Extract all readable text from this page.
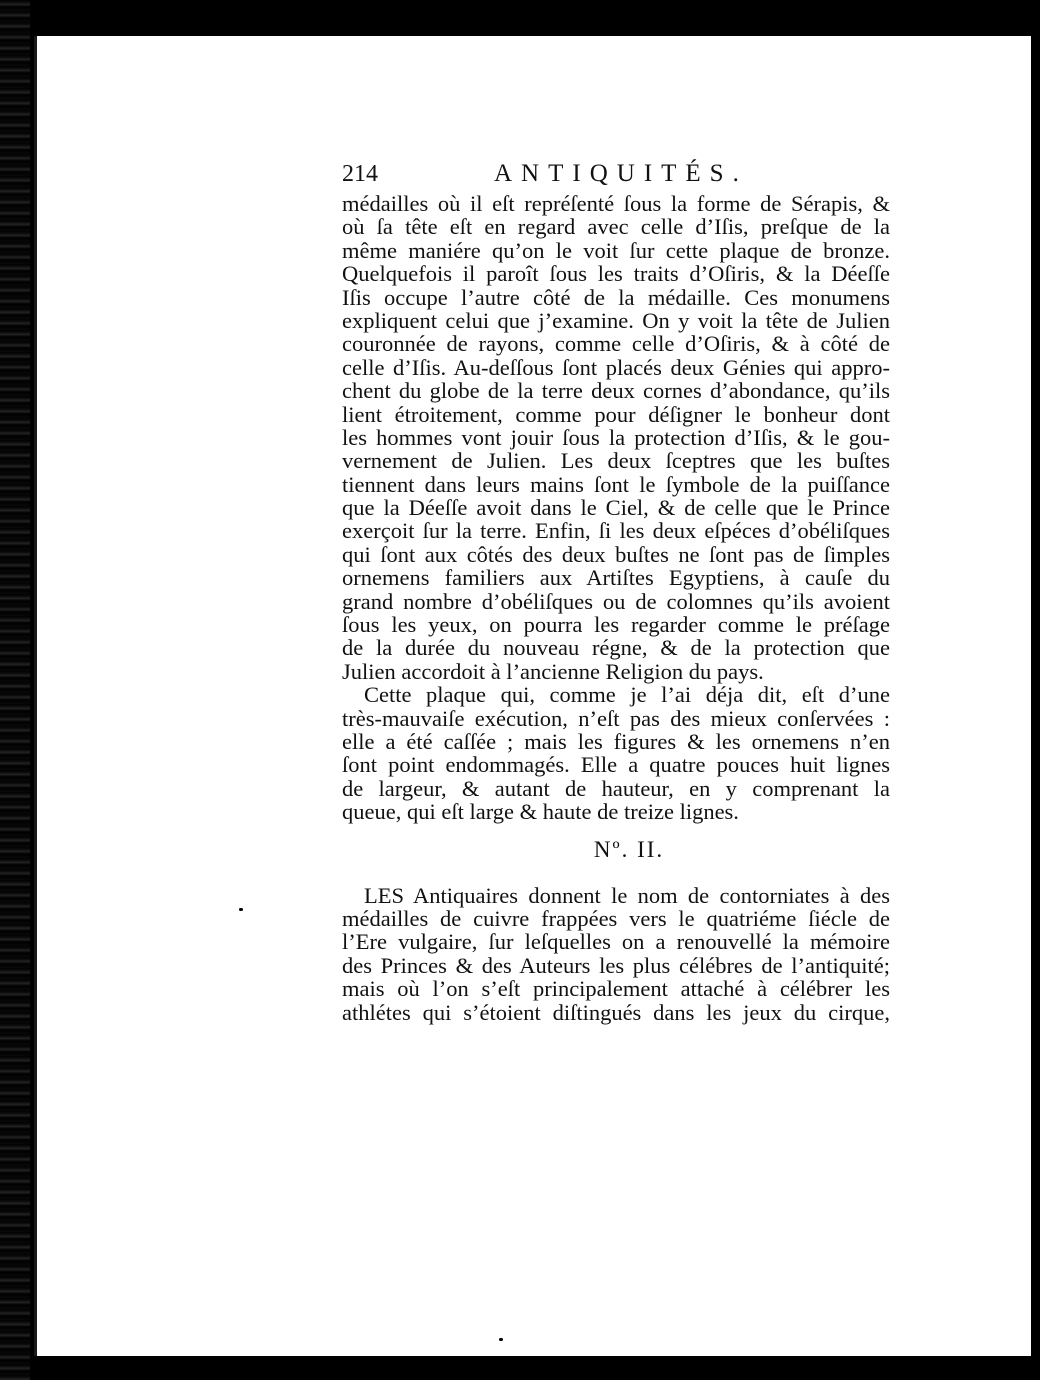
214	ANTIQUITÉS.
médailles où il eſt repréſenté ſous la forme de Sérapis, &
où ſa tête eſt en regard avec celle d’Iſis, preſque de la
même maniére qu’on le voit ſur cette plaque de bronze.
Quelquefois il paroît ſous les traits d’Oſiris, & la Déeſſe
Iſis occupe l’autre côté de la médaille. Ces monumens
expliquent celui que j’examine. On y voit la tête de Julien
couronnée de rayons, comme celle d’Oſiris, & à côté de
celle d’Iſis. Au-deſſous ſont placés deux Génies qui appro-
chent du globe de la terre deux cornes d’abondance, qu’ils
lient étroitement, comme pour déſigner le bonheur dont
les hommes vont jouir ſous la protection d’Iſis, & le gou-
vernement de Julien. Les deux ſceptres que les buſtes
tiennent dans leurs mains ſont le ſymbole de la puiſſance
que la Déeſſe avoit dans le Ciel, & de celle que le Prince
exerçoit ſur la terre. Enfin, ſi les deux eſpéces d’obéliſques
qui ſont aux côtés des deux buſtes ne ſont pas de ſimples
ornemens familiers aux Artiſtes Egyptiens, à cauſe du
grand nombre d’obéliſques ou de colomnes qu’ils avoient
ſous les yeux, on pourra les regarder comme le préſage
de la durée du nouveau régne, & de la protection que
Julien accordoit à l’ancienne Religion du pays.
Cette plaque qui, comme je l’ai déja dit, eſt d’une
très-mauvaiſe exécution, n’eſt pas des mieux conſervées :
elle a été caſſée ; mais les figures & les ornemens n’en
ſont point endommagés. Elle a quatre pouces huit lignes
de largeur, & autant de hauteur, en y comprenant la
queue, qui eſt large & haute de treize lignes.
Nº. II.
LES Antiquaires donnent le nom de contorniates à des
médailles de cuivre frappées vers le quatriéme ſiécle de
l’Ere vulgaire, ſur leſquelles on a renouvellé la mémoire
des Princes & des Auteurs les plus célébres de l’antiquité;
mais où l’on s’eſt principalement attaché à célébrer les
athlétes qui s’étoient diſtingués dans les jeux du cirque,
